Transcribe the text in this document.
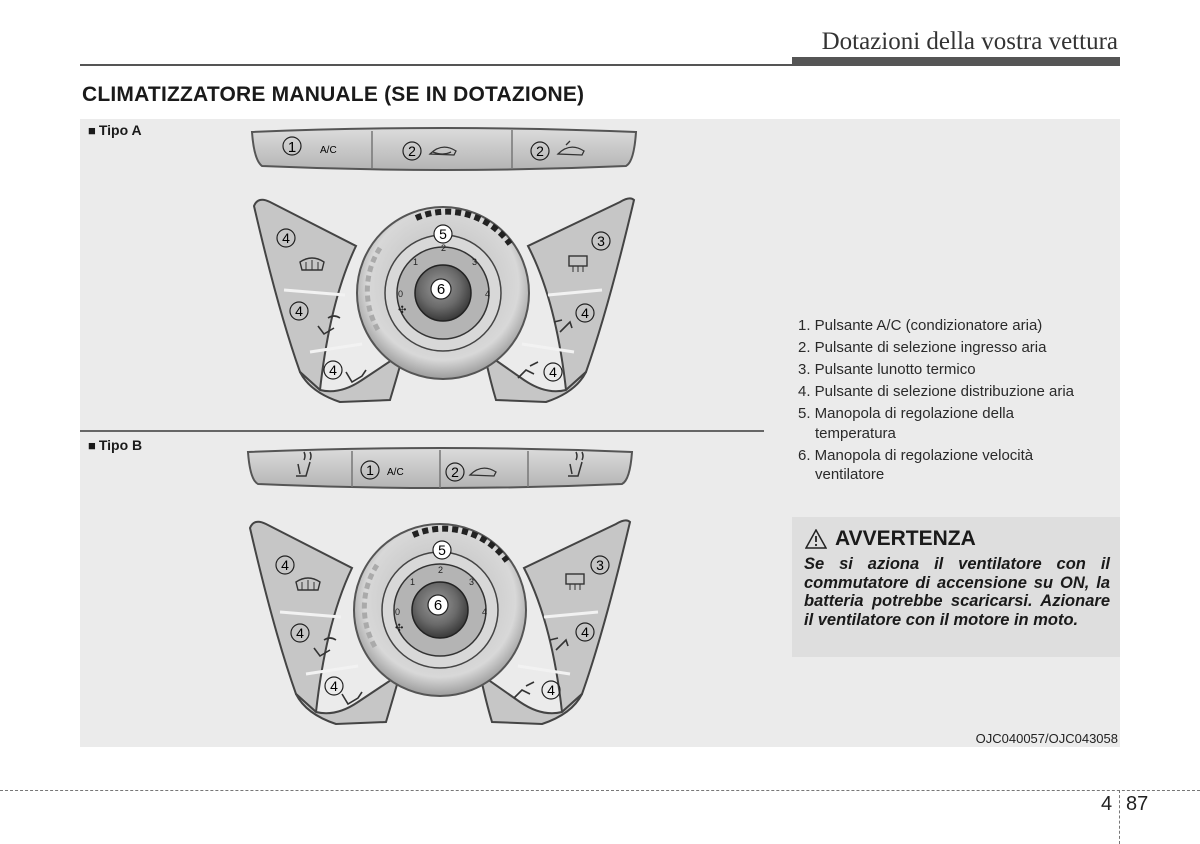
Dotazioni della vostra vettura
CLIMATIZZATORE MANUALE (SE IN DOTAZIONE)
■ Tipo A
■ Tipo B
1 A/C	2	2
4
4
4
3
4
4
5
6
1
2
3
0	4
✣
1 A/C	2
4
4
4
3
4
4
5
6
1
2
3
0	4
✣
1. Pulsante A/C (condizionatore aria)
2. Pulsante di selezione ingresso aria
3. Pulsante lunotto termico
4. Pulsante di selezione distribuzione aria
5. Manopola di regolazione della temperatura
6. Manopola di regolazione velocità ventilatore
AVVERTENZA
Se si aziona il ventilatore con il commutatore di accensione su ON, la batteria potrebbe scaricarsi. Azionare il ventilatore con il motore in moto.
OJC040057/OJC043058
4 87
